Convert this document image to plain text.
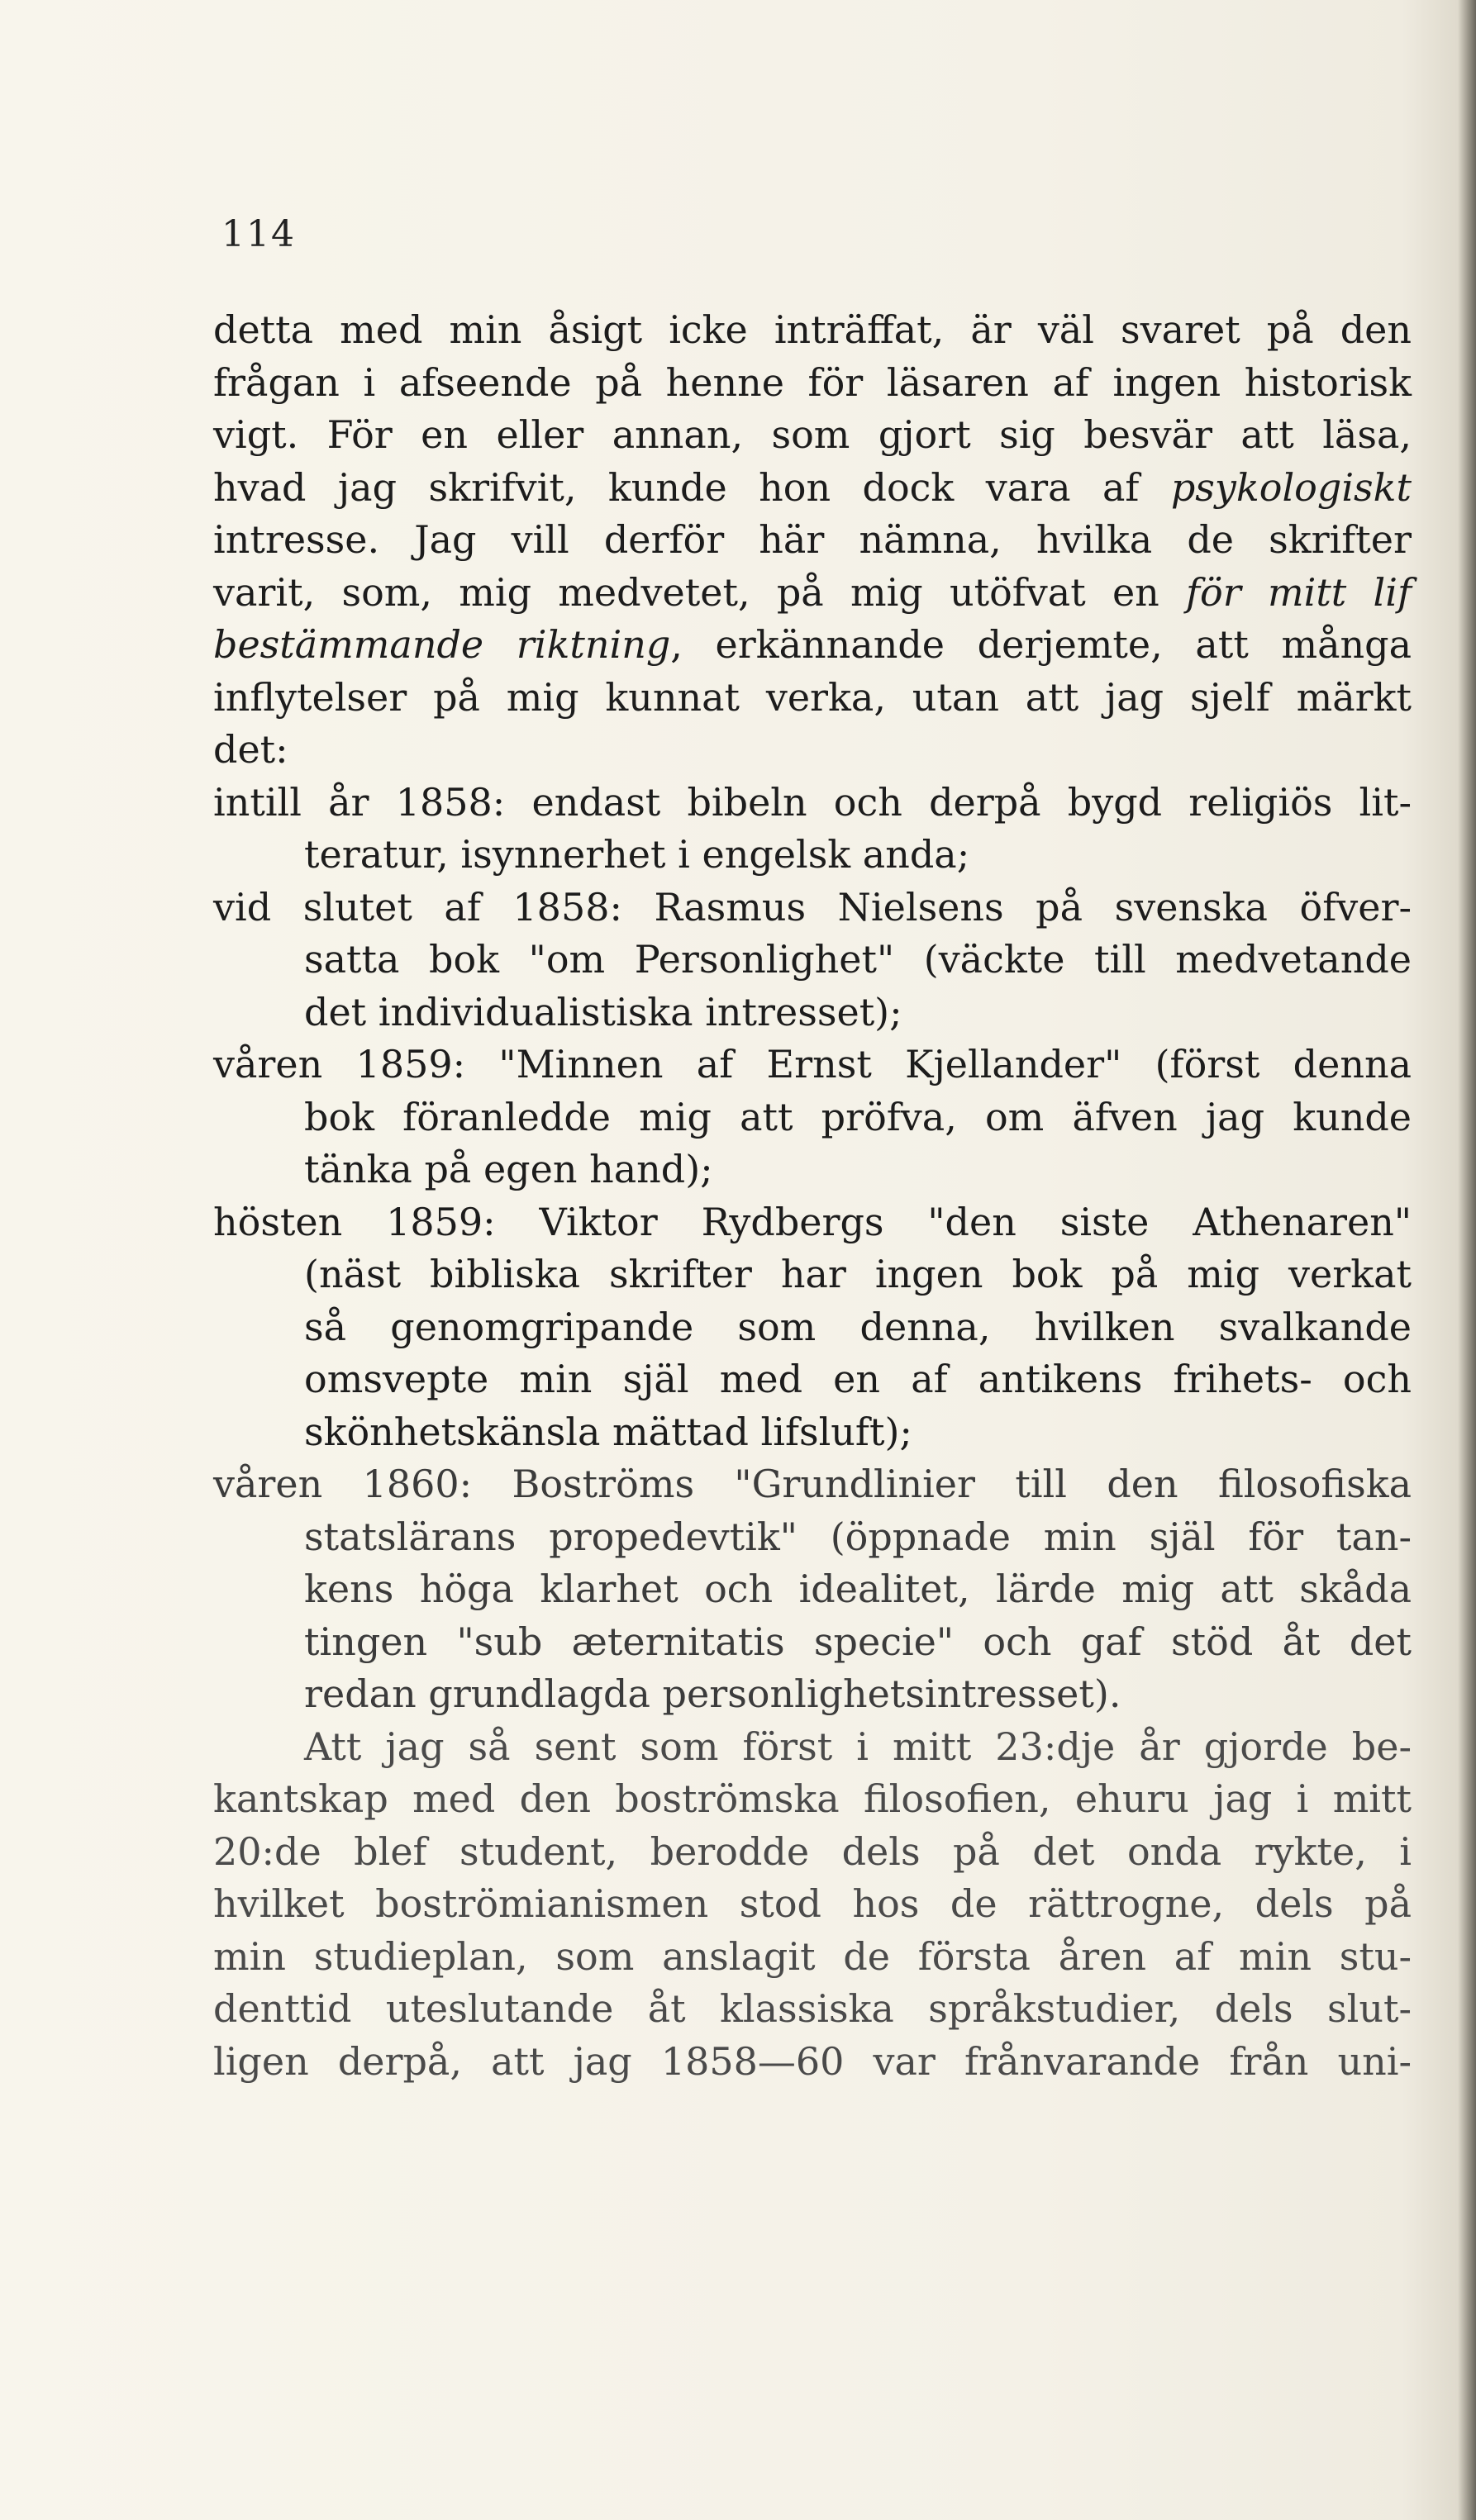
114
detta med min åsigt icke inträffat, är väl svaret på den
frågan i afseende på henne för läsaren af ingen historisk
vigt. För en eller annan, som gjort sig besvär att läsa,
hvad jag skrifvit, kunde hon dock vara af psykologiskt
intresse. Jag vill derför här nämna, hvilka de skrifter
varit, som, mig medvetet, på mig utöfvat en för mitt lif
bestämmande riktning, erkännande derjemte, att många
inflytelser på mig kunnat verka, utan att jag sjelf märkt
det:
intill år 1858: endast bibeln och derpå bygd religiös lit-
teratur, isynnerhet i engelsk anda;
vid slutet af 1858: Rasmus Nielsens på svenska öfver-
satta bok "om Personlighet" (väckte till medvetande
det individualistiska intresset);
våren 1859: "Minnen af Ernst Kjellander" (först denna
bok föranledde mig att pröfva, om äfven jag kunde
tänka på egen hand);
hösten 1859: Viktor Rydbergs "den siste Athenaren"
(näst bibliska skrifter har ingen bok på mig verkat
så genomgripande som denna, hvilken svalkande
omsvepte min själ med en af antikens frihets- och
skönhetskänsla mättad lifsluft);
våren 1860: Boströms "Grundlinier till den filosofiska
statslärans propedevtik" (öppnade min själ för tan-
kens höga klarhet och idealitet, lärde mig att skåda
tingen "sub æternitatis specie" och gaf stöd åt det
redan grundlagda personlighetsintresset).
Att jag så sent som först i mitt 23:dje år gjorde be-
kantskap med den boströmska filosofien, ehuru jag i mitt
20:de blef student, berodde dels på det onda rykte, i
hvilket boströmianismen stod hos de rättrogne, dels på
min studieplan, som anslagit de första åren af min stu-
denttid uteslutande åt klassiska språkstudier, dels slut-
ligen derpå, att jag 1858—60 var frånvarande från uni-
